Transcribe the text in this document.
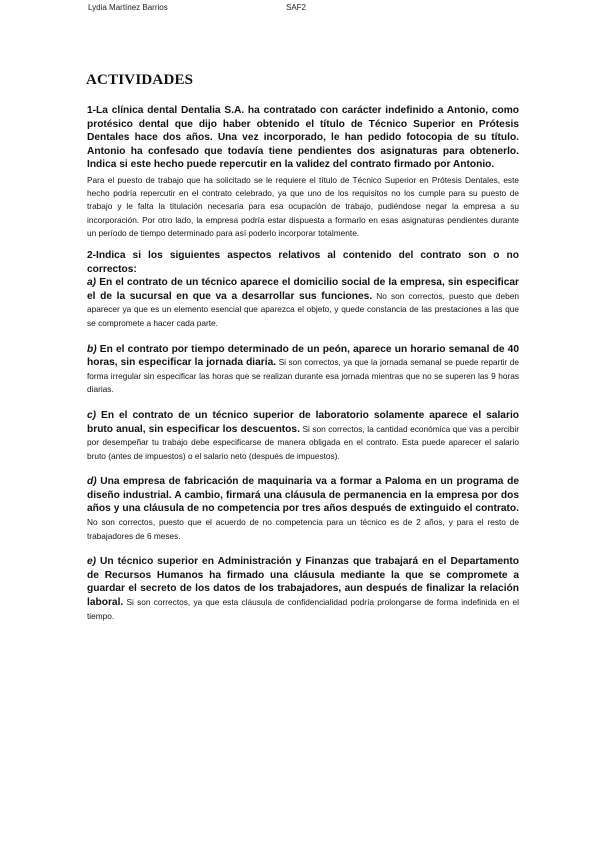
Lydia Martínez Barrios	SAF2
ACTIVIDADES

1-La clínica dental Dentalia S.A. ha contratado con carácter indefinido a Antonio, como protésico dental que dijo haber obtenido el título de Técnico Superior en Prótesis Dentales hace dos años. Una vez incorporado, le han pedido fotocopia de su título. Antonio ha confesado que todavía tiene pendientes dos asignaturas para obtenerlo. Indica si este hecho puede repercutir en la validez del contrato firmado por Antonio.

Para el puesto de trabajo que ha solicitado se le requiere el título de Técnico Superior en Prótesis Dentales, este hecho podría repercutir en el contrato celebrado, ya que uno de los requisitos no los cumple para su puesto de trabajo y le falta la titulación necesaria para esa ocupación de trabajo, pudiéndose negar la empresa a su incorporación. Por otro lado, la empresa podría estar dispuesta a formarlo en esas asignaturas pendientes durante un período de tiempo determinado para así poderlo incorporar totalmente.

2-Indica si los siguientes aspectos relativos al contenido del contrato son o no correctos:

a) En el contrato de un técnico aparece el domicilio social de la empresa, sin especificar el de la sucursal en que va a desarrollar sus funciones. No son correctos, puesto que deben aparecer ya que es un elemento esencial que aparezca el objeto, y quede constancia de las prestaciones a las que se compromete a hacer cada parte.

b) En el contrato por tiempo determinado de un peón, aparece un horario semanal de 40 horas, sin especificar la jornada diaria. Si son correctos, ya que la jornada semanal se puede repartir de forma irregular sin especificar las horas que se realizan durante esa jornada mientras que no se superen las 9 horas diarias.

c) En el contrato de un técnico superior de laboratorio solamente aparece el salario bruto anual, sin especificar los descuentos. Si son correctos, la cantidad económica que vas a percibir por desempeñar tu trabajo debe especificarse de manera obligada en el contrato. Esta puede aparecer el salario bruto (antes de impuestos) o el salario neto (después de impuestos).

d) Una empresa de fabricación de maquinaria va a formar a Paloma en un programa de diseño industrial. A cambio, firmará una cláusula de permanencia en la empresa por dos años y una cláusula de no competencia por tres años después de extinguido el contrato. No son correctos, puesto que el acuerdo de no competencia para un técnico es de 2 años, y para el resto de trabajadores de 6 meses.

e) Un técnico superior en Administración y Finanzas que trabajará en el Departamento de Recursos Humanos ha firmado una cláusula mediante la que se compromete a guardar el secreto de los datos de los trabajadores, aun después de finalizar la relación laboral. Si son correctos, ya que esta cláusula de confidencialidad podría prolongarse de forma indefinida en el tiempo.
